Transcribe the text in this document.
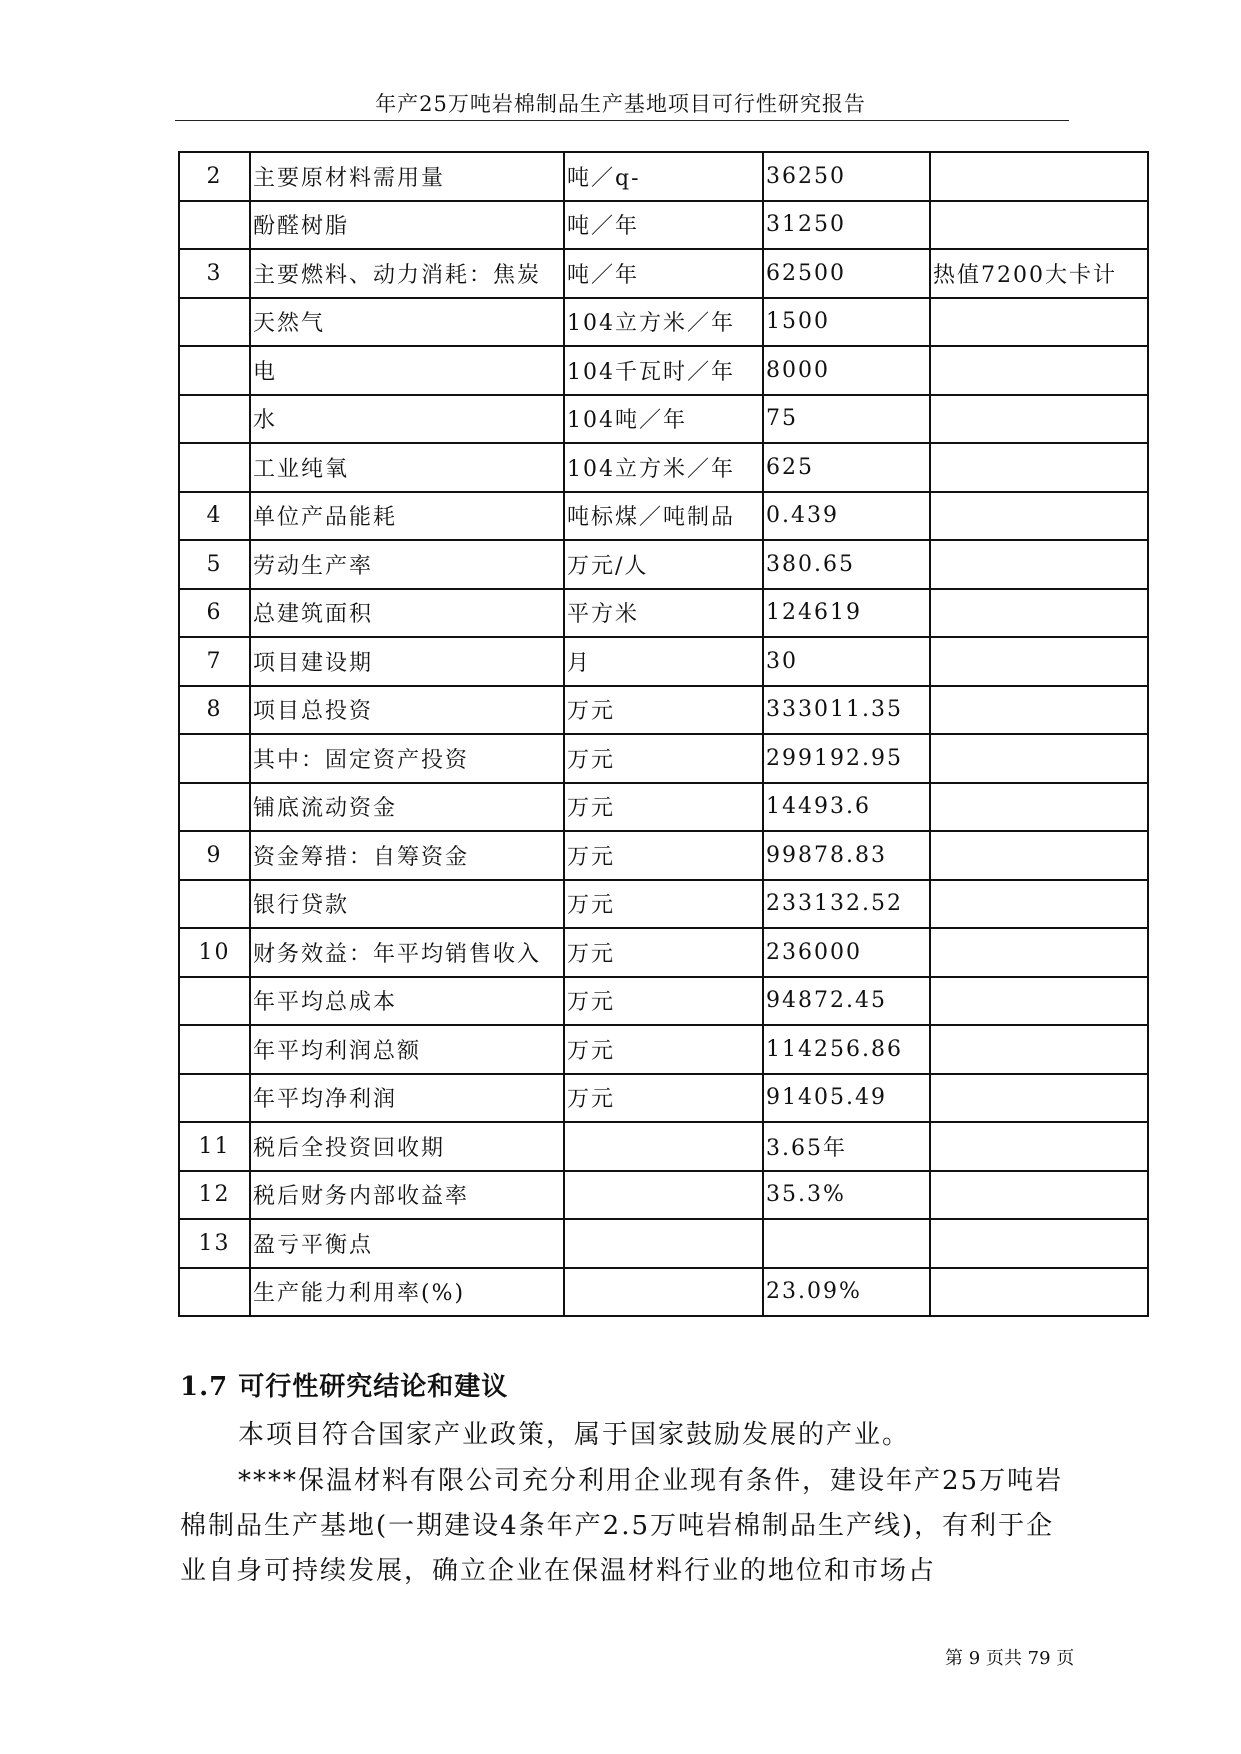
年产25万吨岩棉制品生产基地项目可行性研究报告
2	主要原材料需用量	吨／q-	36250	
	酚醛树脂	吨／年	31250	
3	主要燃料、动力消耗：焦炭	吨／年	62500	热值7200大卡计
	天然气	104立方米／年	1500	
	电	104千瓦时／年	8000	
	水	104吨／年	75	
	工业纯氧	104立方米／年	625	
4	单位产品能耗	吨标煤／吨制品	0.439	
5	劳动生产率	万元/人	380.65	
6	总建筑面积	平方米	124619	
7	项目建设期	月	30	
8	项目总投资	万元	333011.35	
	其中：固定资产投资	万元	299192.95	
	铺底流动资金	万元	14493.6	
9	资金筹措：自筹资金	万元	99878.83	
	银行贷款	万元	233132.52	
10	财务效益：年平均销售收入	万元	236000	
	年平均总成本	万元	94872.45	
	年平均利润总额	万元	114256.86	
	年平均净利润	万元	91405.49	
11	税后全投资回收期		3.65年	
12	税后财务内部收益率		35.3%	
13	盈亏平衡点			
	生产能力利用率(%)		23.09%	
1.7 可行性研究结论和建议
本项目符合国家产业政策，属于国家鼓励发展的产业。
****保温材料有限公司充分利用企业现有条件，建设年产25万吨岩棉制品生产基地(一期建设4条年产2.5万吨岩棉制品生产线)，有利于企业自身可持续发展，确立企业在保温材料行业的地位和市场占
第 9 页共 79 页
